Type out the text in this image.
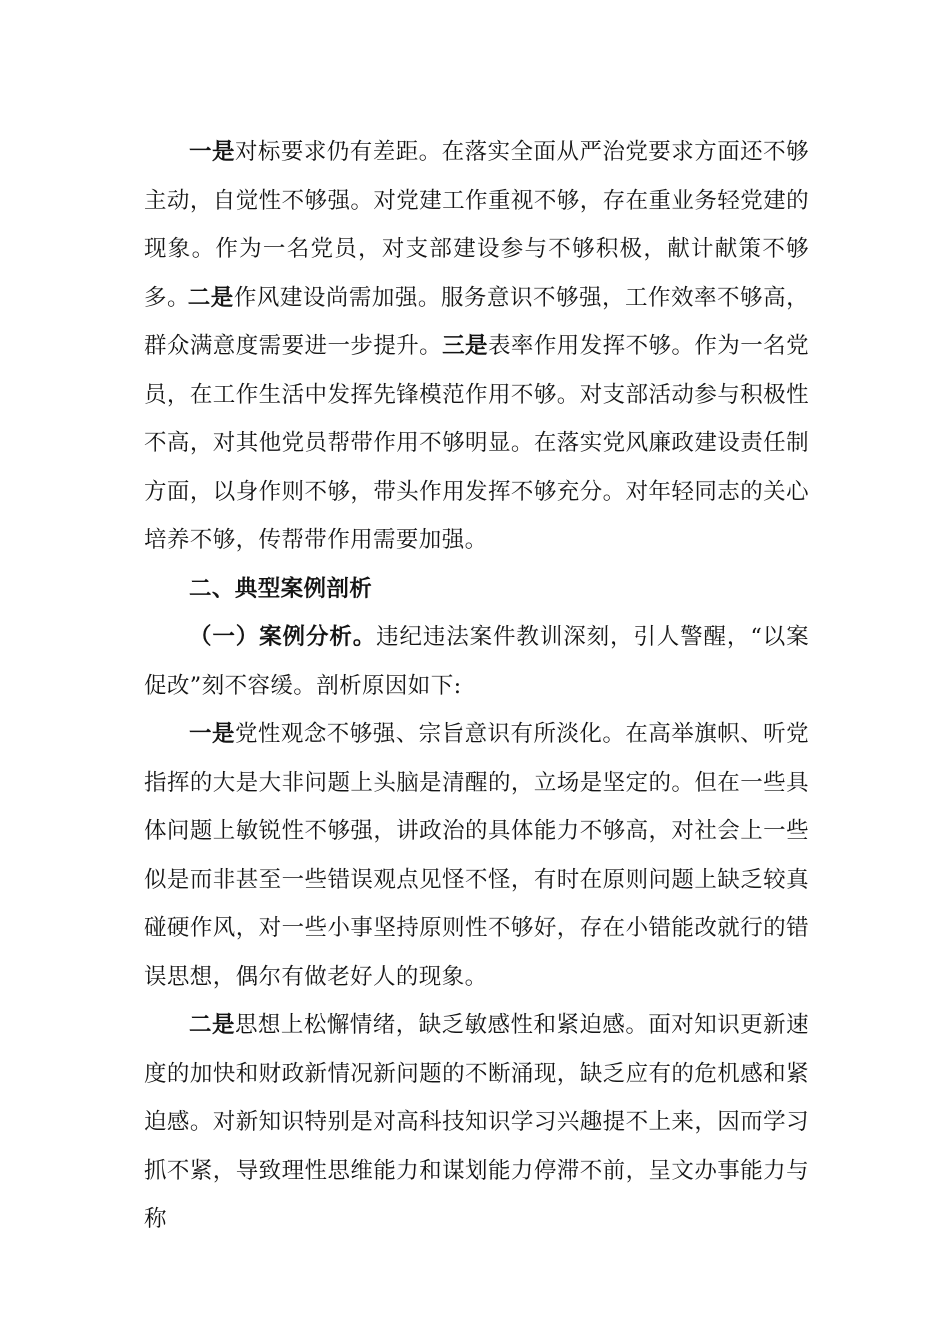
一是对标要求仍有差距。在落实全面从严治党要求方面还不够主动，自觉性不够强。对党建工作重视不够，存在重业务轻党建的现象。作为一名党员，对支部建设参与不够积极，献计献策不够多。二是作风建设尚需加强。服务意识不够强，工作效率不够高，群众满意度需要进一步提升。三是表率作用发挥不够。作为一名党员，在工作生活中发挥先锋模范作用不够。对支部活动参与积极性不高，对其他党员帮带作用不够明显。在落实党风廉政建设责任制方面，以身作则不够，带头作用发挥不够充分。对年轻同志的关心培养不够，传帮带作用需要加强。

二、典型案例剖析

（一）案例分析。违纪违法案件教训深刻，引人警醒，“以案促改”刻不容缓。剖析原因如下:

一是党性观念不够强、宗旨意识有所淡化。在高举旗帜、听党指挥的大是大非问题上头脑是清醒的，立场是坚定的。但在一些具体问题上敏锐性不够强，讲政治的具体能力不够高，对社会上一些似是而非甚至一些错误观点见怪不怪，有时在原则问题上缺乏较真碰硬作风，对一些小事坚持原则性不够好，存在小错能改就行的错误思想，偶尔有做老好人的现象。

二是思想上松懈情绪，缺乏敏感性和紧迫感。面对知识更新速度的加快和财政新情况新问题的不断涌现，缺乏应有的危机感和紧迫感。对新知识特别是对高科技知识学习兴趣提不上来，因而学习抓不紧，导致理性思维能力和谋划能力停滞不前，呈文办事能力与称
